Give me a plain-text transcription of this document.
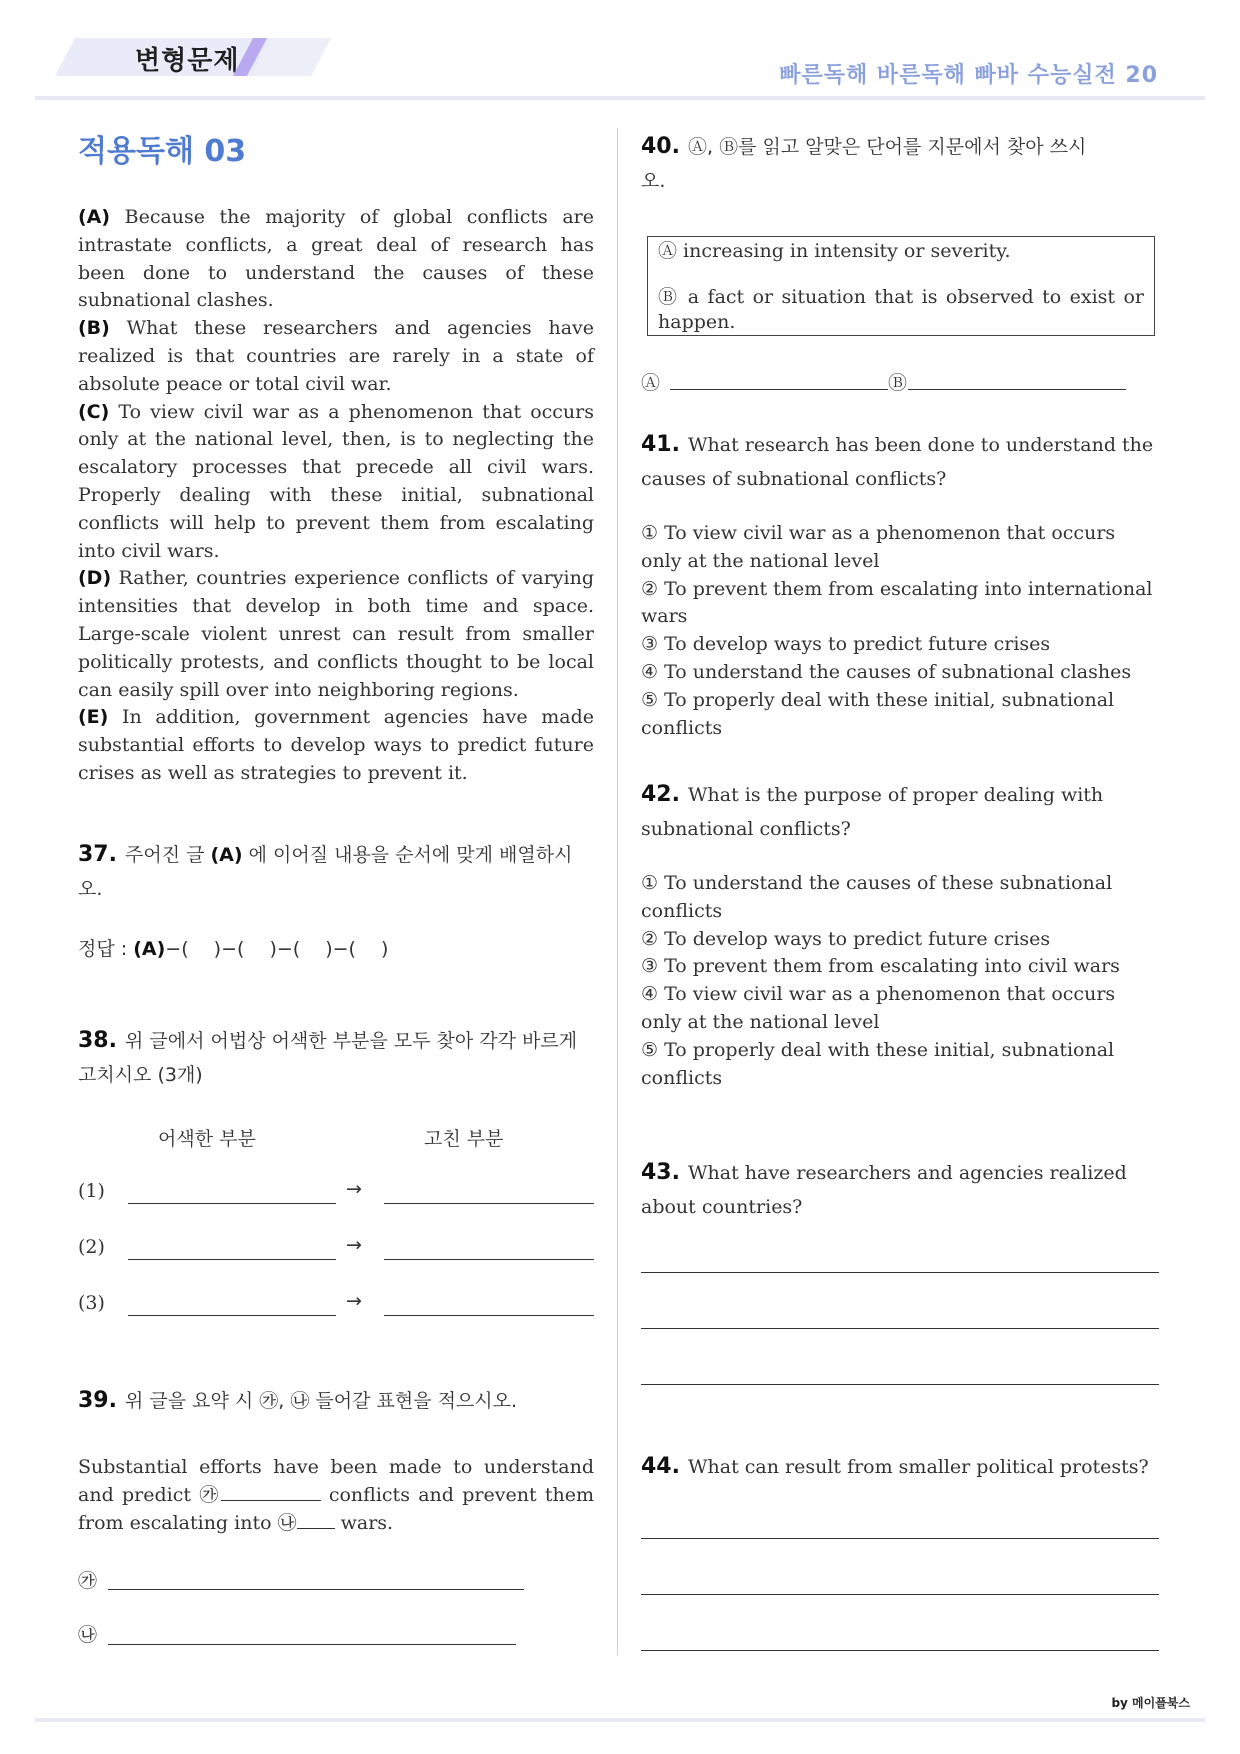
변형문제	빠른독해 바른독해 빠바 수능실전 20
적용독해 03
(A) Because the majority of global conflicts are intrastate conflicts, a great deal of research has been done to understand the causes of these subnational clashes.
(B) What these researchers and agencies have realized is that countries are rarely in a state of absolute peace or total civil war.
(C) To view civil war as a phenomenon that occurs only at the national level, then, is to neglecting the escalatory processes that precede all civil wars. Properly dealing with these initial, subnational conflicts will help to prevent them from escalating into civil wars.
(D) Rather, countries experience conflicts of varying intensities that develop in both time and space. Large-scale violent unrest can result from smaller politically protests, and conflicts thought to be local can easily spill over into neighboring regions.
(E) In addition, government agencies have made substantial efforts to develop ways to predict future crises as well as strategies to prevent it.
37. 주어진 글 (A) 에 이어질 내용을 순서에 맞게 배열하시오.
정답 : (A)−(　 )−(　 )−(　 )−(　 )
38. 위 글에서 어법상 어색한 부분을 모두 찾아 각각 바르게 고치시오 (3개)
어색한 부분	고친 부분
(1)	→
(2)	→
(3)	→
39. 위 글을 요약 시 ㉮, ㉯ 들어갈 표현을 적으시오.
Substantial efforts have been made to understand and predict ㉮	conflicts and prevent them from escalating into ㉯ wars.
㉮
㉯
40. Ⓐ, Ⓑ를 읽고 알맞은 단어를 지문에서 찾아 쓰시오.
Ⓐ increasing in intensity or severity.
Ⓑ a fact or situation that is observed to exist or happen.
Ⓐ	Ⓑ
41. What research has been done to understand the causes of subnational conflicts?
① To view civil war as a phenomenon that occurs only at the national level
② To prevent them from escalating into international wars
③ To develop ways to predict future crises
④ To understand the causes of subnational clashes
⑤ To properly deal with these initial, subnational conflicts
42. What is the purpose of proper dealing with subnational conflicts?
① To understand the causes of these subnational conflicts
② To develop ways to predict future crises
③ To prevent them from escalating into civil wars
④ To view civil war as a phenomenon that occurs only at the national level
⑤ To properly deal with these initial, subnational conflicts
43. What have researchers and agencies realized about countries?
44. What can result from smaller political protests?
by 메이플북스
